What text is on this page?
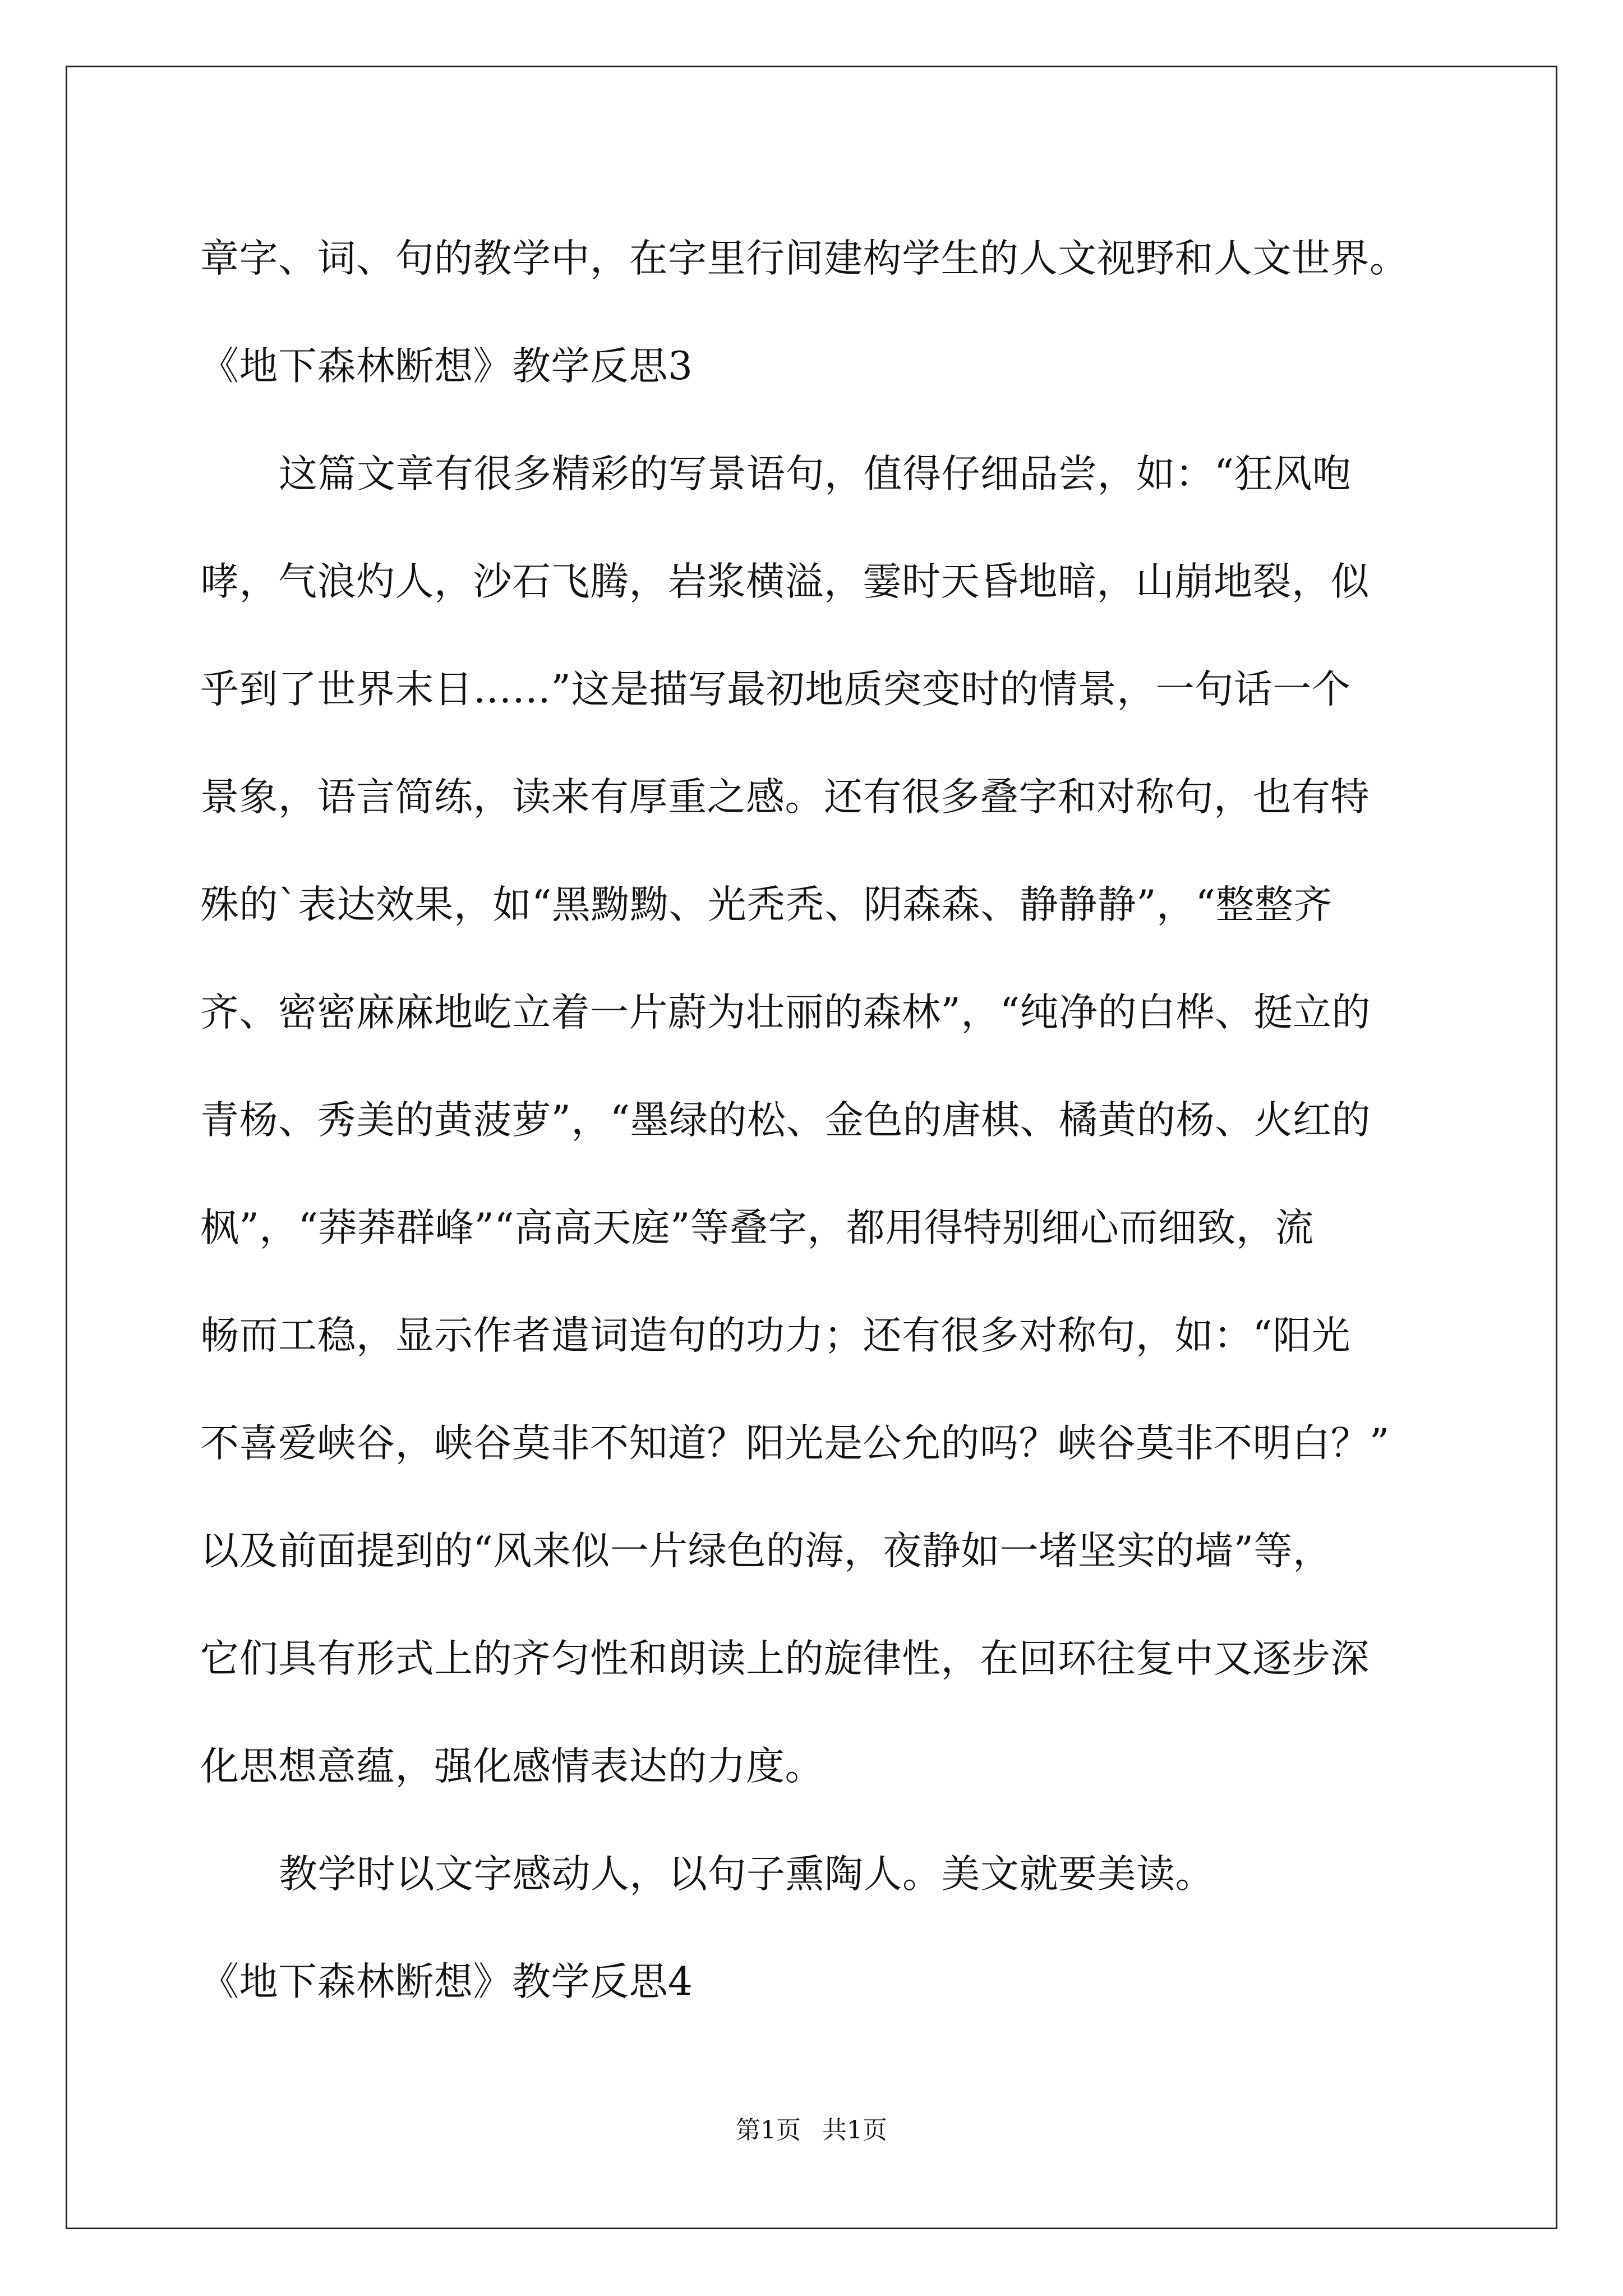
章字、词、句的教学中，在字里行间建构学生的人文视野和人文世界。
《地下森林断想》教学反思3
这篇文章有很多精彩的写景语句，值得仔细品尝，如：“狂风咆
哮，气浪灼人，沙石飞腾，岩浆横溢，霎时天昏地暗，山崩地裂，似
乎到了世界末日……”这是描写最初地质突变时的情景，一句话一个
景象，语言简练，读来有厚重之感。还有很多叠字和对称句，也有特
殊的`表达效果，如“黑黝黝、光秃秃、阴森森、静静静”，“整整齐
齐、密密麻麻地屹立着一片蔚为壮丽的森林”，“纯净的白桦、挺立的
青杨、秀美的黄菠萝”，“墨绿的松、金色的唐棋、橘黄的杨、火红的
枫”，“莽莽群峰”“高高天庭”等叠字，都用得特别细心而细致，流
畅而工稳，显示作者遣词造句的功力；还有很多对称句，如：“阳光
不喜爱峡谷，峡谷莫非不知道？阳光是公允的吗？峡谷莫非不明白？”
以及前面提到的“风来似一片绿色的海，夜静如一堵坚实的墙”等，
它们具有形式上的齐匀性和朗读上的旋律性，在回环往复中又逐步深
化思想意蕴，强化感情表达的力度。
教学时以文字感动人，以句子熏陶人。美文就要美读。
《地下森林断想》教学反思4
第1页 共1页
